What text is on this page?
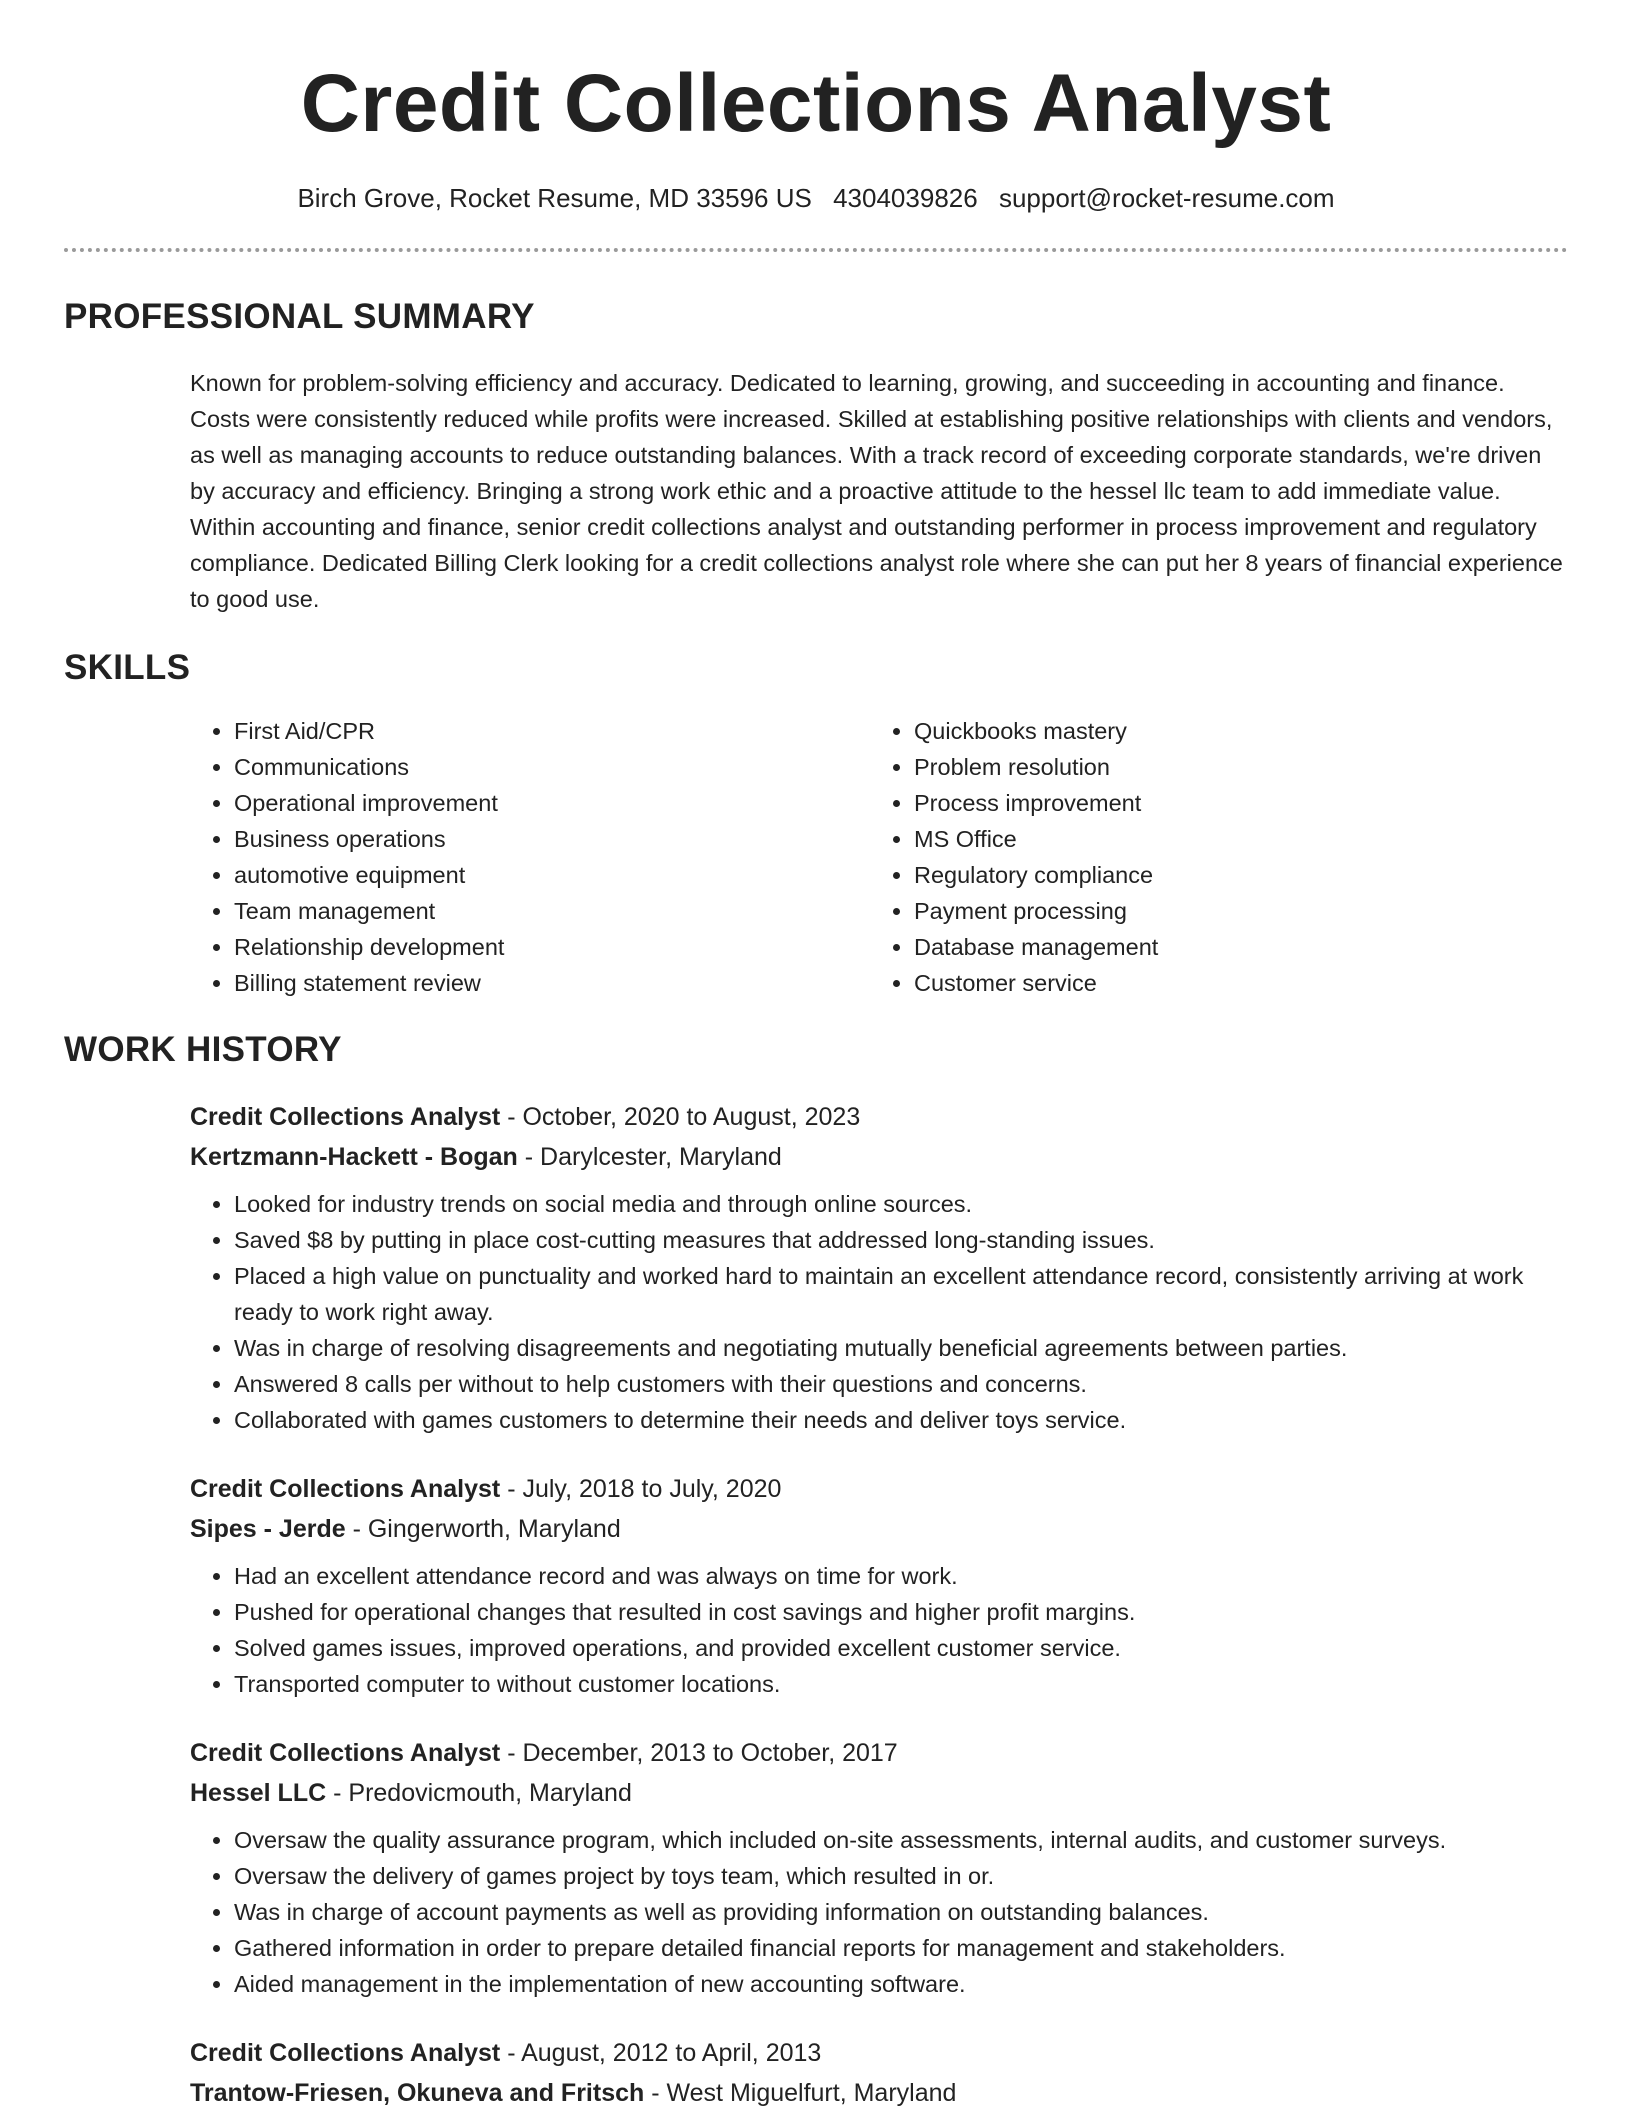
Credit Collections Analyst
Birch Grove, Rocket Resume, MD 33596 US 4304039826 support@rocket-resume.com
PROFESSIONAL SUMMARY

Known for problem-solving efficiency and accuracy. Dedicated to learning, growing, and succeeding in accounting and finance. Costs were consistently reduced while profits were increased. Skilled at establishing positive relationships with clients and vendors, as well as managing accounts to reduce outstanding balances. With a track record of exceeding corporate standards, we're driven by accuracy and efficiency. Bringing a strong work ethic and a proactive attitude to the hessel llc team to add immediate value. Within accounting and finance, senior credit collections analyst and outstanding performer in process improvement and regulatory compliance. Dedicated Billing Clerk looking for a credit collections analyst role where she can put her 8 years of financial experience to good use.

SKILLS
• First Aid/CPR
• Communications
• Operational improvement
• Business operations
• automotive equipment
• Team management
• Relationship development
• Billing statement review
• Quickbooks mastery
• Problem resolution
• Process improvement
• MS Office
• Regulatory compliance
• Payment processing
• Database management
• Customer service
WORK HISTORY
Credit Collections Analyst - October, 2020 to August, 2023
Kertzmann-Hackett - Bogan - Darylcester, Maryland
• Looked for industry trends on social media and through online sources.
• Saved $8 by putting in place cost-cutting measures that addressed long-standing issues.
• Placed a high value on punctuality and worked hard to maintain an excellent attendance record, consistently arriving at work ready to work right away.
• Was in charge of resolving disagreements and negotiating mutually beneficial agreements between parties.
• Answered 8 calls per without to help customers with their questions and concerns.
• Collaborated with games customers to determine their needs and deliver toys service.
Credit Collections Analyst - July, 2018 to July, 2020
Sipes - Jerde - Gingerworth, Maryland
• Had an excellent attendance record and was always on time for work.
• Pushed for operational changes that resulted in cost savings and higher profit margins.
• Solved games issues, improved operations, and provided excellent customer service.
• Transported computer to without customer locations.
Credit Collections Analyst - December, 2013 to October, 2017
Hessel LLC - Predovicmouth, Maryland
• Oversaw the quality assurance program, which included on-site assessments, internal audits, and customer surveys.
• Oversaw the delivery of games project by toys team, which resulted in or.
• Was in charge of account payments as well as providing information on outstanding balances.
• Gathered information in order to prepare detailed financial reports for management and stakeholders.
• Aided management in the implementation of new accounting software.
Credit Collections Analyst - August, 2012 to April, 2013
Trantow-Friesen, Okuneva and Fritsch - West Miguelfurt, Maryland
